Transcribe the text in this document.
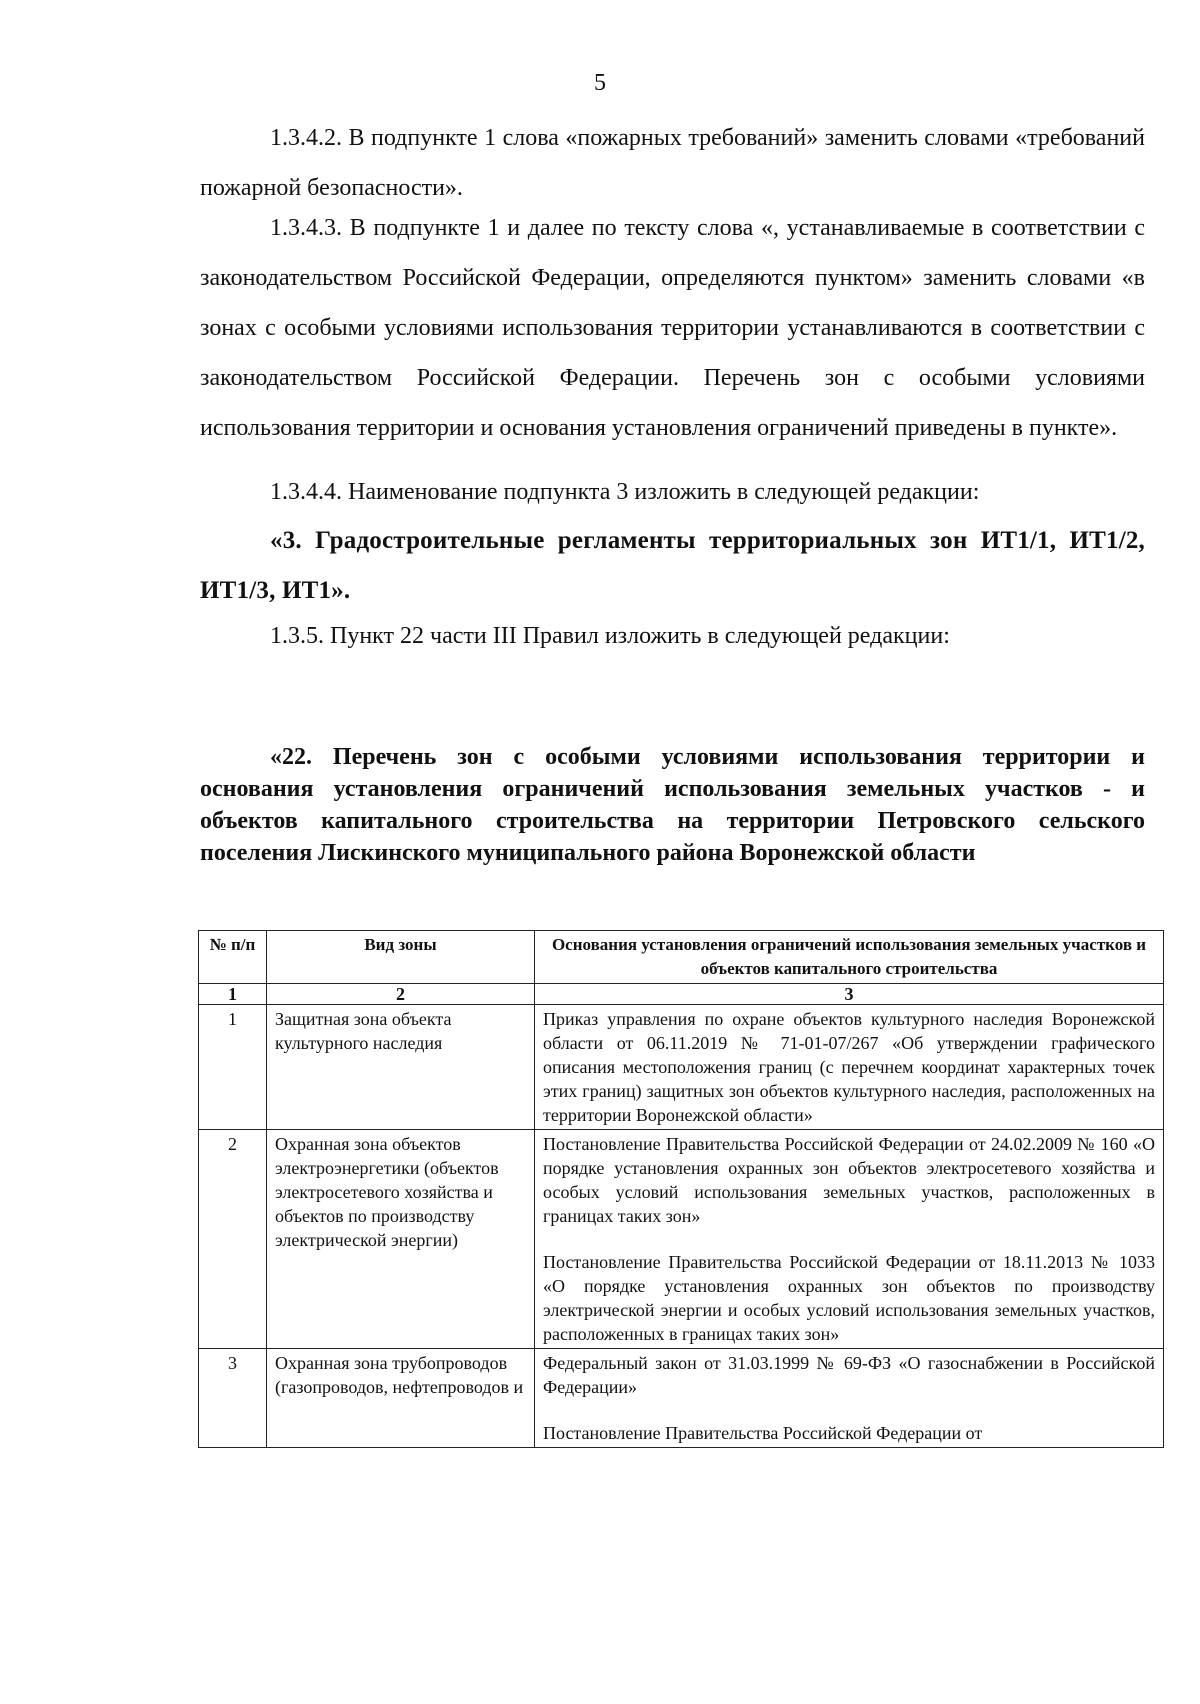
5

1.3.4.2. В подпункте 1 слова «пожарных требований» заменить словами «требований пожарной безопасности».

1.3.4.3. В подпункте 1 и далее по тексту слова «, устанавливаемые в соответствии с законодательством Российской Федерации, определяются пунктом» заменить словами «в зонах с особыми условиями использования территории устанавливаются в соответствии с законодательством Российской Федерации. Перечень зон с особыми условиями использования территории и основания установления ограничений приведены в пункте».

1.3.4.4. Наименование подпункта 3 изложить в следующей редакции:

«3. Градостроительные регламенты территориальных зон ИТ1/1, ИТ1/2, ИТ1/3, ИТ1».

1.3.5. Пункт 22 части III Правил изложить в следующей редакции:

«22. Перечень зон с особыми условиями использования территории и основания установления ограничений использования земельных участков - и объектов капитального строительства на территории Петровского сельского поселения Лискинского муниципального района Воронежской области

№ п/п	Вид зоны	Основания установления ограничений использования земельных участков и объектов капитального строительства
1	2	3
1	Защитная зона объекта культурного наследия	Приказ управления по охране объектов культурного наследия Воронежской области от 06.11.2019 № 71-01-07/267 «Об утверждении графического описания местоположения границ (с перечнем координат характерных точек этих границ) защитных зон объектов культурного наследия, расположенных на территории Воронежской области»

2	Охранная зона объектов электроэнергетики (объектов электросетевого хозяйства и объектов по производству электрической энергии)	Постановление Правительства Российской Федерации от 24.02.2009 № 160 «О порядке установления охранных зон объектов электросетевого хозяйства и особых условий использования земельных участков, расположенных в границах таких зон»

Постановление Правительства Российской Федерации от 18.11.2013 № 1033 «О порядке установления охранных зон объектов по производству электрической энергии и особых условий использования земельных участков, расположенных в границах таких зон»

3	Охранная зона трубопроводов (газопроводов, нефтепроводов и	Федеральный закон от 31.03.1999 № 69-ФЗ «О газоснабжении в Российской Федерации»

Постановление Правительства Российской Федерации от
